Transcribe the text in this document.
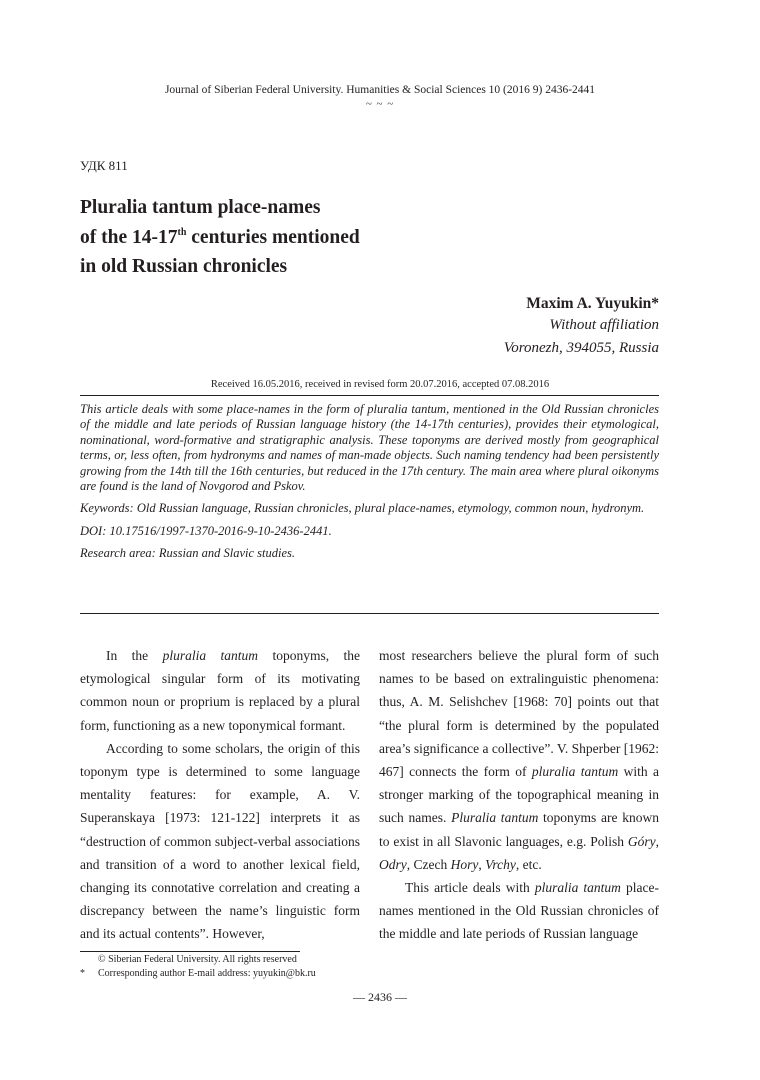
Journal of Siberian Federal University. Humanities & Social Sciences 10 (2016 9) 2436-2441
~ ~ ~
УДК 811
Pluralia tantum place-names
of the 14-17th centuries mentioned
in old Russian chronicles
Maxim A. Yuyukin*
Without affiliation
Voronezh, 394055, Russia
Received 16.05.2016, received in revised form 20.07.2016, accepted 07.08.2016

This article deals with some place-names in the form of pluralia tantum, mentioned in the Old Russian chronicles of the middle and late periods of Russian language history (the 14-17th centuries), provides their etymological, nominational, word-formative and stratigraphic analysis. These toponyms are derived mostly from geographical terms, or, less often, from hydronyms and names of man-made objects. Such naming tendency had been persistently growing from the 14th till the 16th centuries, but reduced in the 17th century. The main area where plural oikonyms are found is the land of Novgorod and Pskov.

Keywords: Old Russian language, Russian chronicles, plural place-names, etymology, common noun, hydronym.

DOI: 10.17516/1997-1370-2016-9-10-2436-2441.

Research area: Russian and Slavic studies.

In the pluralia tantum toponyms, the etymological singular form of its motivating common noun or proprium is replaced by a plural form, functioning as a new toponymical formant.

According to some scholars, the origin of this toponym type is determined to some language mentality features: for example, A. V. Superanskaya [1973: 121-122] interprets it as “destruction of common subject-verbal associations and transition of a word to another lexical field, changing its connotative correlation and creating a discrepancy between the name’s linguistic form and its actual contents”. However,

most researchers believe the plural form of such names to be based on extralinguistic phenomena: thus, A. M. Selishchev [1968: 70] points out that “the plural form is determined by the populated area’s significance a collective”. V. Shperber [1962: 467] connects the form of pluralia tantum with a stronger marking of the topographical meaning in such names. Pluralia tantum toponyms are known to exist in all Slavonic languages, e.g. Polish Góry, Odry, Czech Hory, Vrchy, etc.

This article deals with pluralia tantum place-names mentioned in the Old Russian chronicles of the middle and late periods of Russian language

© Siberian Federal University. All rights reserved
* Corresponding author E-mail address: yuyukin@bk.ru
— 2436 —
